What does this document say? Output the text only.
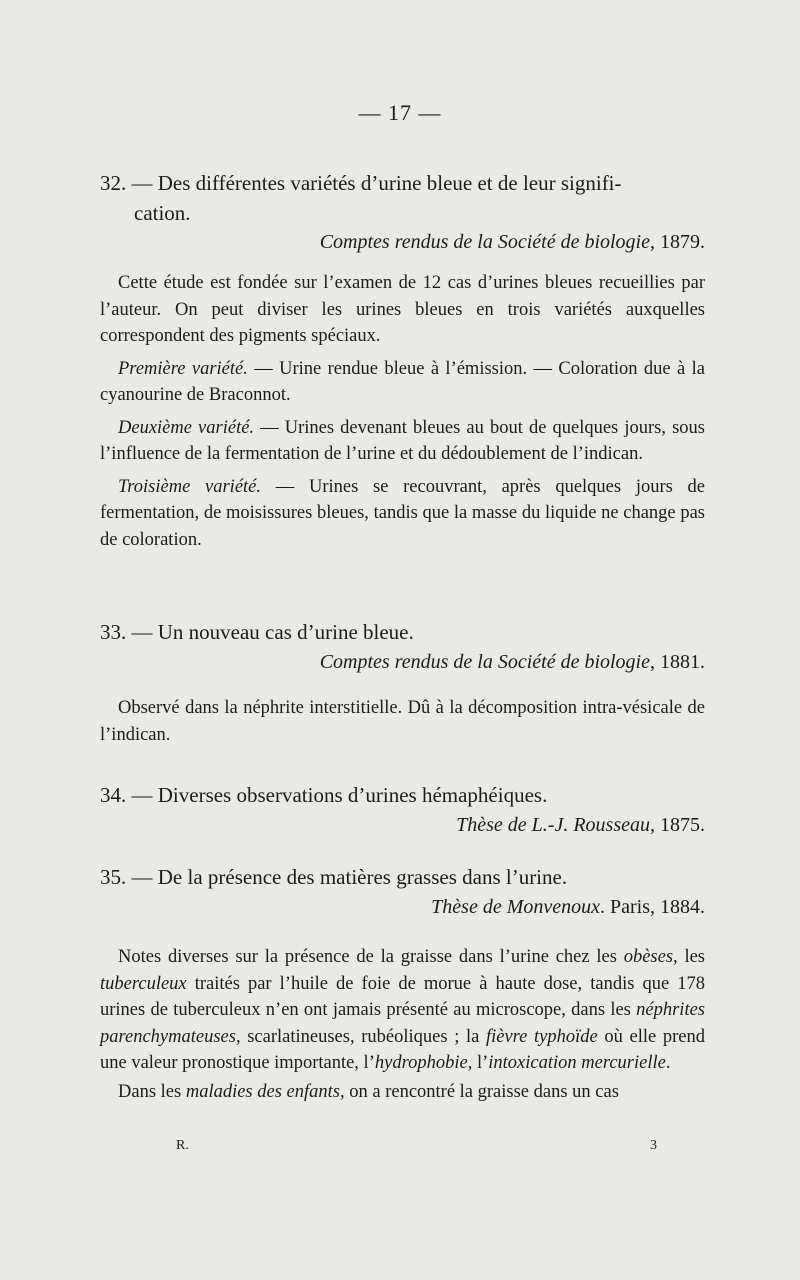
— 17 —
32. — Des différentes variétés d’urine bleue et de leur signifi-
cation.
Comptes rendus de la Société de biologie, 1879.

Cette étude est fondée sur l’examen de 12 cas d’urines bleues recueillies par l’auteur. On peut diviser les urines bleues en trois variétés auxquelles correspondent des pigments spéciaux.

Première variété. — Urine rendue bleue à l’émission. — Coloration due à la cyanourine de Braconnot.

Deuxième variété. — Urines devenant bleues au bout de quelques jours, sous l’influence de la fermentation de l’urine et du dédoublement de l’indican.

Troisième variété. — Urines se recouvrant, après quelques jours de fermentation, de moisissures bleues, tandis que la masse du liquide ne change pas de coloration.

33. — Un nouveau cas d’urine bleue.
Comptes rendus de la Société de biologie, 1881.

Observé dans la néphrite interstitielle. Dû à la décomposition intra-vésicale de l’indican.

34. — Diverses observations d’urines hémaphéiques.
Thèse de L.-J. Rousseau, 1875.
35. — De la présence des matières grasses dans l’urine.
Thèse de Monvenoux. Paris, 1884.

Notes diverses sur la présence de la graisse dans l’urine chez les obèses, les tuberculeux traités par l’huile de foie de morue à haute dose, tandis que 178 urines de tuberculeux n’en ont jamais présenté au microscope, dans les néphrites parenchymateuses, scarlatineuses, rubéoliques ; la fièvre typhoïde où elle prend une valeur pronostique importante, l’hydrophobie, l’intoxication mercurielle.

Dans les maladies des enfants, on a rencontré la graisse dans un cas

R.	3
